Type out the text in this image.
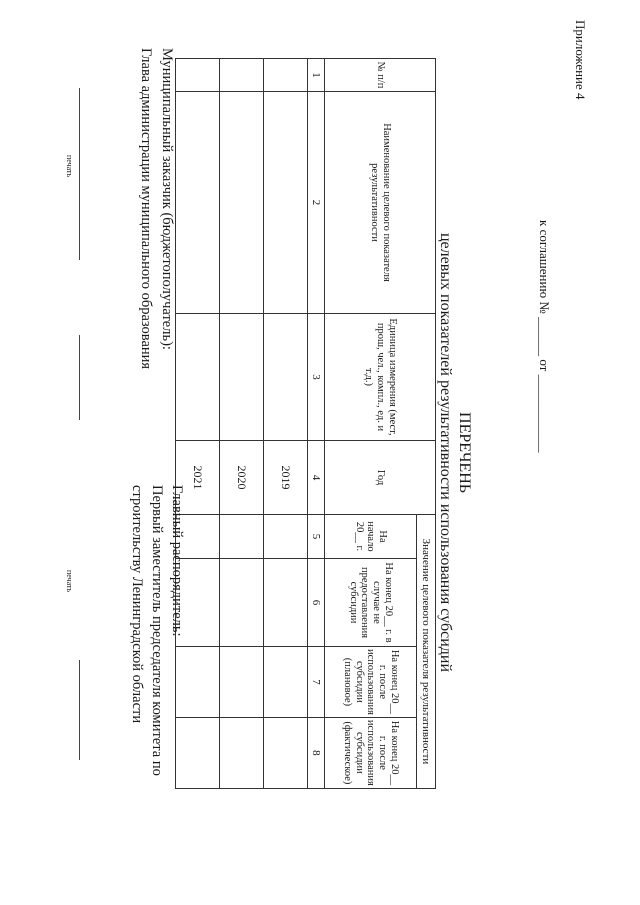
Приложение 4
к соглашению № ______ от ____________
ПЕРЕЧЕНЬ
целевых показателей результативности использования субсидий
№ п/п	Наименование целевого показателя результативности	Единица измерения (мест, прош, чел., компл., ед. и т.д.)	Год	Значение целевого показателя результативности			
				На начало 20__ г.	На конец 20__ г. в случае не предоставления субсидии	На конец 20__ г. после использования субсидии (плановое)	На конец 20__ г. после использования субсидии (фактическое)
1	2	3	4	5	6	7	8
			2019				
			2020				
			2021				
Муниципальный заказчик (бюджетополучатель):
Глава администрации муниципального образования
Главный распорядитель:
Первый заместитель председателя комитета по
строительству Ленинградской области
печать
печать
